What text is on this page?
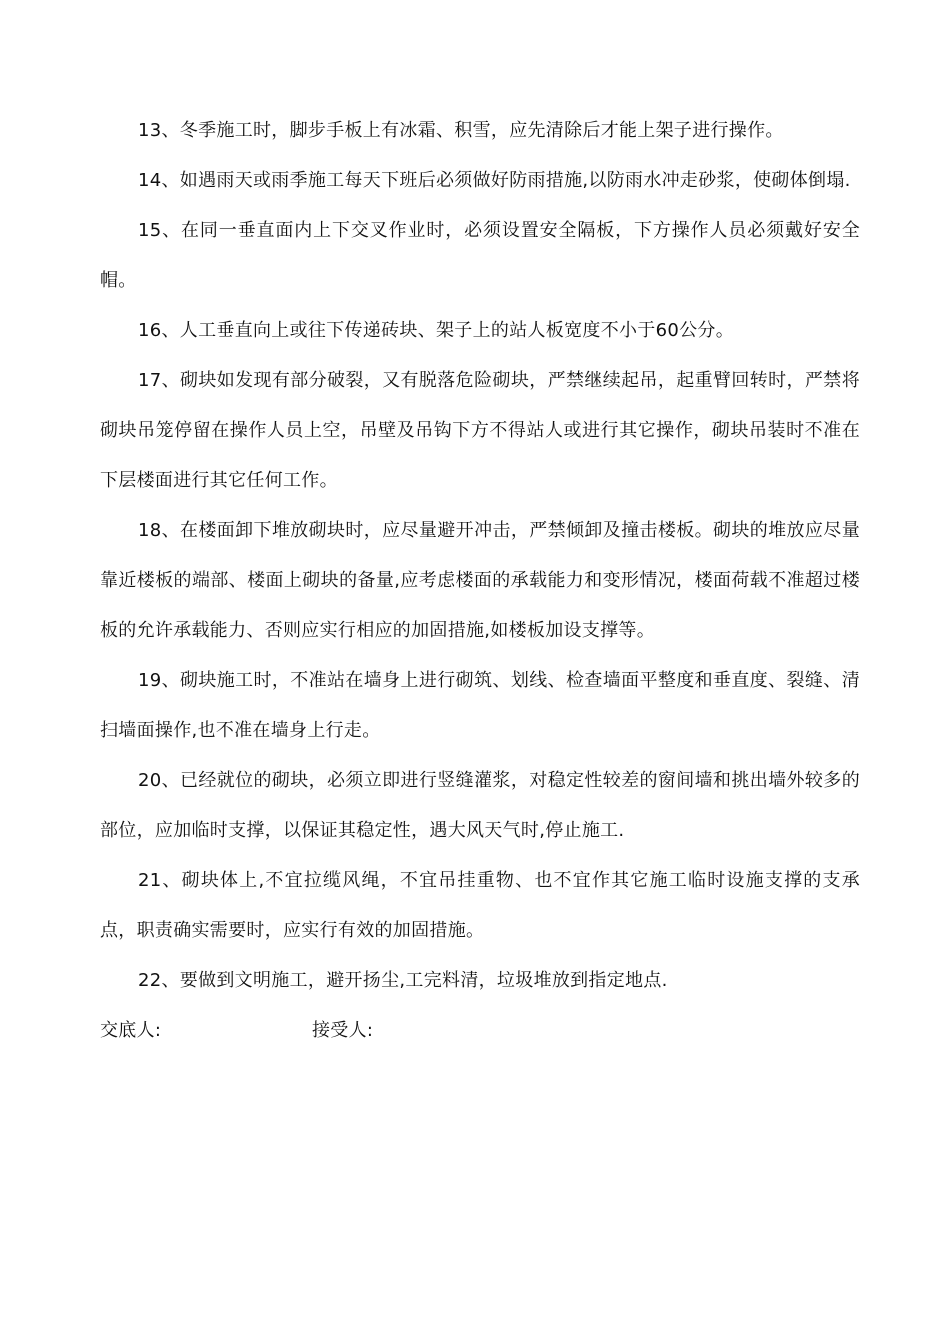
13、冬季施工时，脚步手板上有冰霜、积雪，应先清除后才能上架子进行操作。

14、如遇雨天或雨季施工每天下班后必须做好防雨措施,以防雨水冲走砂浆，使砌体倒塌.

15、在同一垂直面内上下交叉作业时，必须设置安全隔板，下方操作人员必须戴好安全帽。

16、人工垂直向上或往下传递砖块、架子上的站人板宽度不小于60公分。

17、砌块如发现有部分破裂，又有脱落危险砌块，严禁继续起吊，起重臂回转时，严禁将砌块吊笼停留在操作人员上空，吊壁及吊钩下方不得站人或进行其它操作，砌块吊装时不准在下层楼面进行其它任何工作。

18、在楼面卸下堆放砌块时，应尽量避开冲击，严禁倾卸及撞击楼板。砌块的堆放应尽量靠近楼板的端部、楼面上砌块的备量,应考虑楼面的承载能力和变形情况，楼面荷载不准超过楼板的允许承载能力、否则应实行相应的加固措施,如楼板加设支撑等。

19、砌块施工时，不准站在墙身上进行砌筑、划线、检查墙面平整度和垂直度、裂缝、清扫墙面操作,也不准在墙身上行走。

20、已经就位的砌块，必须立即进行竖缝灌浆，对稳定性较差的窗间墙和挑出墙外较多的部位，应加临时支撑，以保证其稳定性，遇大风天气时,停止施工.

21、砌块体上,不宜拉缆风绳，不宜吊挂重物、也不宜作其它施工临时设施支撑的支承点，职责确实需要时，应实行有效的加固措施。

22、要做到文明施工，避开扬尘,工完料清，垃圾堆放到指定地点.

交底人:	接受人:
